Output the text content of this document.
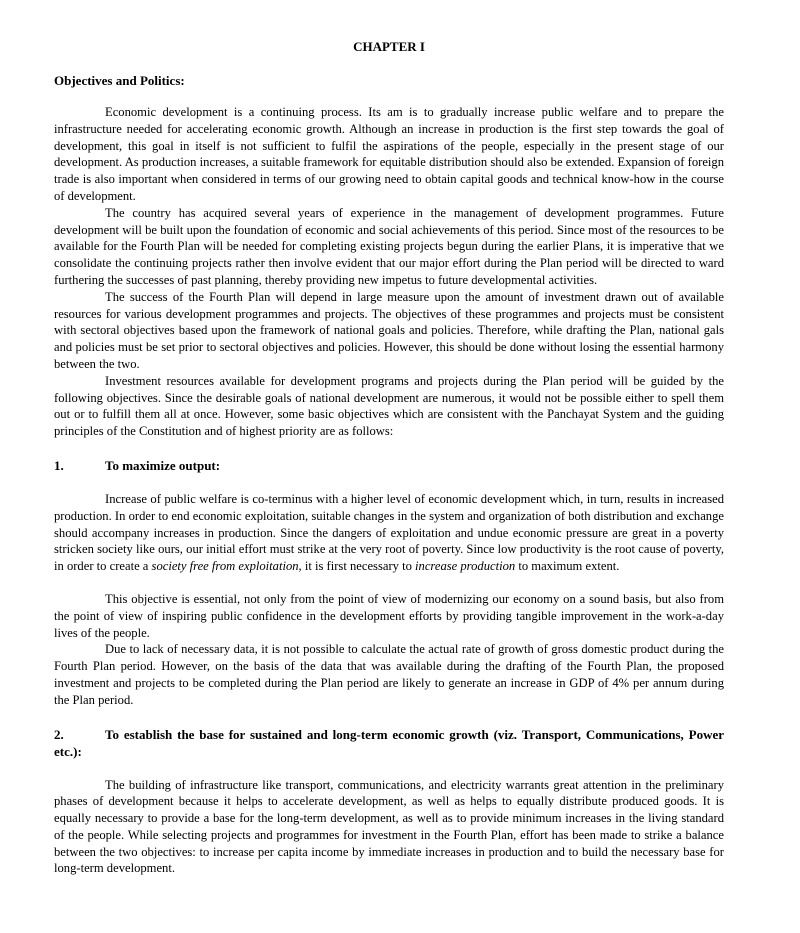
CHAPTER I
Objectives and Politics:

Economic development is a continuing process. Its am is to gradually increase public welfare and to prepare the infrastructure needed for accelerating economic growth. Although an increase in production is the first step towards the goal of development, this goal in itself is not sufficient to fulfil the aspirations of the people, especially in the present stage of our development. As production increases, a suitable framework for equitable distribution should also be extended. Expansion of foreign trade is also important when considered in terms of our growing need to obtain capital goods and technical know-how in the course of development.

The country has acquired several years of experience in the management of development programmes. Future development will be built upon the foundation of economic and social achievements of this period. Since most of the resources to be available for the Fourth Plan will be needed for completing existing projects begun during the earlier Plans, it is imperative that we consolidate the continuing projects rather then involve evident that our major effort during the Plan period will be directed to ward furthering the successes of past planning, thereby providing new impetus to future developmental activities.

The success of the Fourth Plan will depend in large measure upon the amount of investment drawn out of available resources for various development programmes and projects. The objectives of these programmes and projects must be consistent with sectoral objectives based upon the framework of national goals and policies. Therefore, while drafting the Plan, national gals and policies must be set prior to sectoral objectives and policies. However, this should be done without losing the essential harmony between the two.

Investment resources available for development programs and projects during the Plan period will be guided by the following objectives. Since the desirable goals of national development are numerous, it would not be possible either to spell them out or to fulfill them all at once. However, some basic objectives which are consistent with the Panchayat System and the guiding principles of the Constitution and of highest priority are as follows:

1.	To maximize output:

Increase of public welfare is co-terminus with a higher level of economic development which, in turn, results in increased production. In order to end economic exploitation, suitable changes in the system and organization of both distribution and exchange should accompany increases in production. Since the dangers of exploitation and undue economic pressure are great in a poverty stricken society like ours, our initial effort must strike at the very root of poverty. Since low productivity is the root cause of poverty, in order to create a society free from exploitation, it is first necessary to increase production to maximum extent.

This objective is essential, not only from the point of view of modernizing our economy on a sound basis, but also from the point of view of inspiring public confidence in the development efforts by providing tangible improvement in the work-a-day lives of the people.

Due to lack of necessary data, it is not possible to calculate the actual rate of growth of gross domestic product during the Fourth Plan period. However, on the basis of the data that was available during the drafting of the Fourth Plan, the proposed investment and projects to be completed during the Plan period are likely to generate an increase in GDP of 4% per annum during the Plan period.

2.	To establish the base for sustained and long-term economic growth (viz. Transport, Communications, Power etc.):

The building of infrastructure like transport, communications, and electricity warrants great attention in the preliminary phases of development because it helps to accelerate development, as well as helps to equally distribute produced goods. It is equally necessary to provide a base for the long-term development, as well as to provide minimum increases in the living standard of the people. While selecting projects and programmes for investment in the Fourth Plan, effort has been made to strike a balance between the two objectives: to increase per capita income by immediate increases in production and to build the necessary base for long-term development.
